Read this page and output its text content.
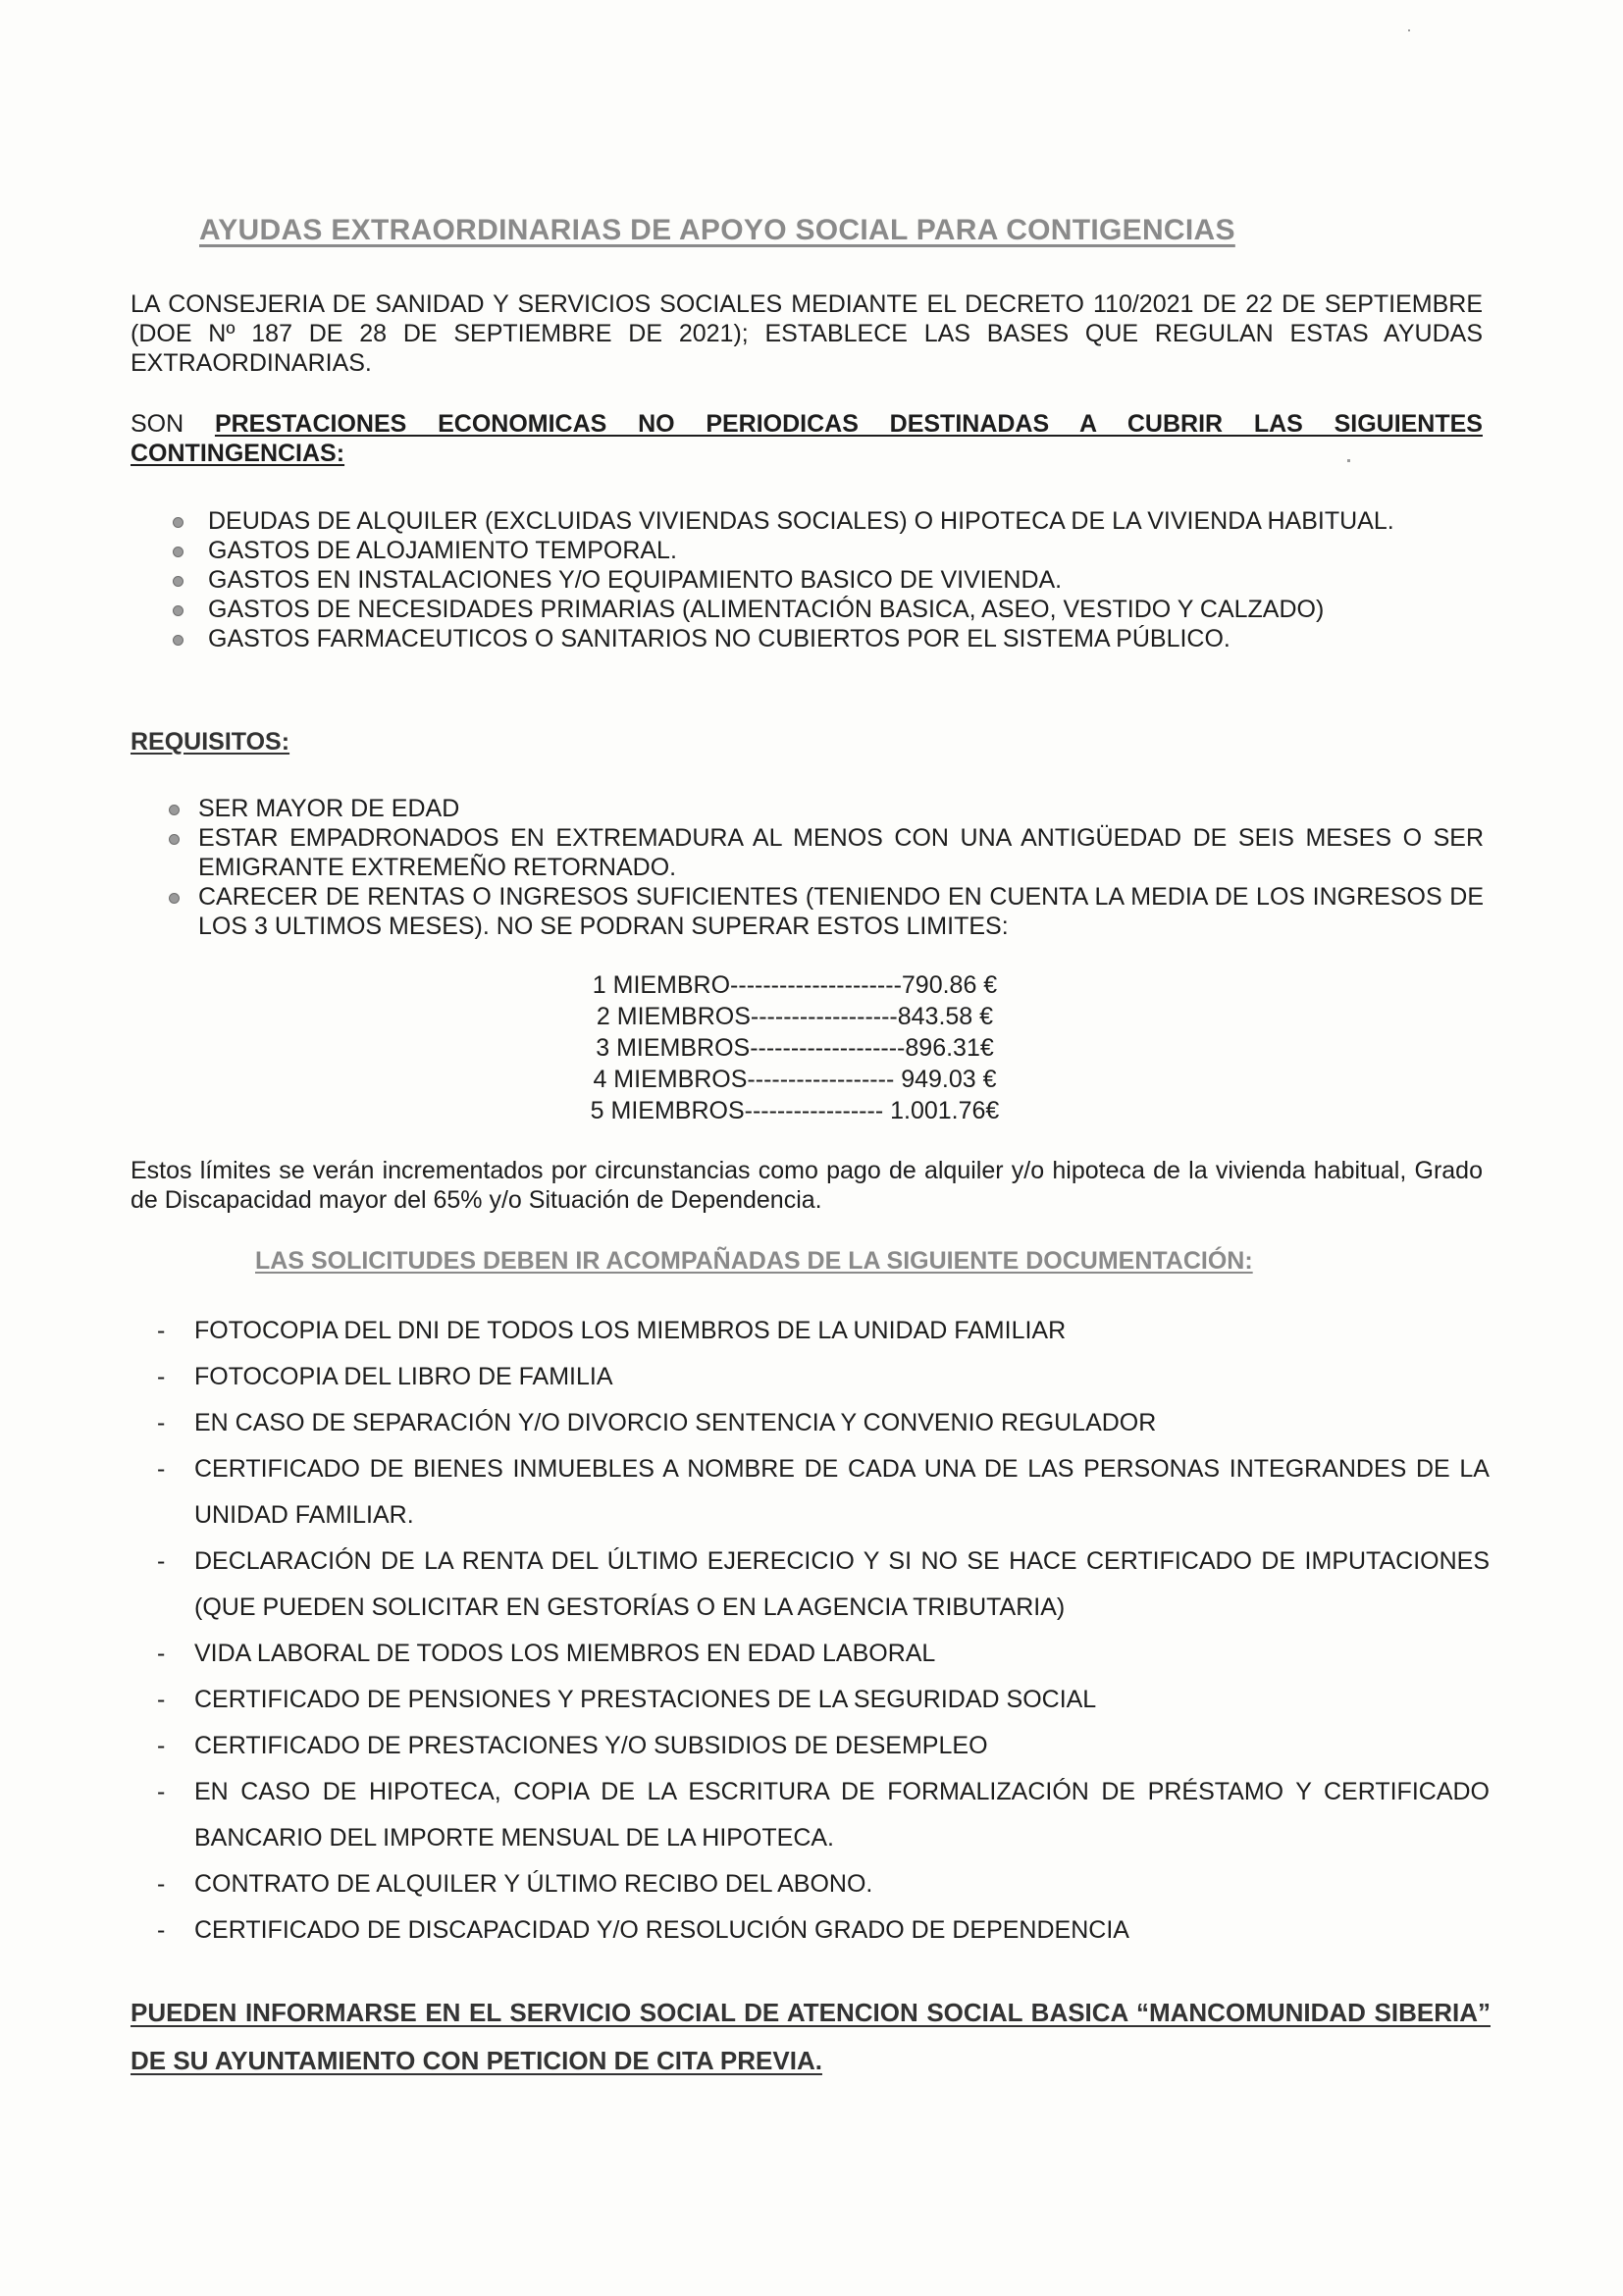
AYUDAS EXTRAORDINARIAS DE APOYO SOCIAL PARA CONTIGENCIAS
LA CONSEJERIA DE SANIDAD Y SERVICIOS SOCIALES MEDIANTE EL DECRETO 110/2021 DE 22 DE SEPTIEMBRE (DOE Nº 187 DE 28 DE SEPTIEMBRE DE 2021); ESTABLECE LAS BASES QUE REGULAN ESTAS AYUDAS EXTRAORDINARIAS.
SON PRESTACIONES ECONOMICAS NO PERIODICAS DESTINADAS A CUBRIR LAS SIGUIENTES CONTINGENCIAS:
DEUDAS DE ALQUILER (EXCLUIDAS VIVIENDAS SOCIALES) O HIPOTECA DE LA VIVIENDA HABITUAL.
GASTOS DE ALOJAMIENTO TEMPORAL.
GASTOS EN INSTALACIONES Y/O EQUIPAMIENTO BASICO DE VIVIENDA.
GASTOS DE NECESIDADES PRIMARIAS (ALIMENTACIÓN BASICA, ASEO, VESTIDO Y CALZADO)
GASTOS FARMACEUTICOS O SANITARIOS NO CUBIERTOS POR EL SISTEMA PÚBLICO.
REQUISITOS:
SER MAYOR DE EDAD
ESTAR EMPADRONADOS EN EXTREMADURA AL MENOS CON UNA ANTIGÜEDAD DE SEIS MESES O SER EMIGRANTE EXTREMEÑO RETORNADO.
CARECER DE RENTAS O INGRESOS SUFICIENTES (TENIENDO EN CUENTA LA MEDIA DE LOS INGRESOS DE LOS 3 ULTIMOS MESES). NO SE PODRAN SUPERAR ESTOS LIMITES:
1 MIEMBRO---------------------790.86 €
2 MIEMBROS------------------843.58 €
3 MIEMBROS-------------------896.31€
4 MIEMBROS------------------ 949.03 €
5 MIEMBROS----------------- 1.001.76€
Estos límites se verán incrementados por circunstancias como pago de alquiler y/o hipoteca de la vivienda habitual, Grado de Discapacidad mayor del 65% y/o Situación de Dependencia.
LAS SOLICITUDES DEBEN IR ACOMPAÑADAS DE LA SIGUIENTE DOCUMENTACIÓN:
- FOTOCOPIA DEL DNI DE TODOS LOS MIEMBROS DE LA UNIDAD FAMILIAR
- FOTOCOPIA DEL LIBRO DE FAMILIA
- EN CASO DE SEPARACIÓN Y/O DIVORCIO SENTENCIA Y CONVENIO REGULADOR
- CERTIFICADO DE BIENES INMUEBLES A NOMBRE DE CADA UNA DE LAS PERSONAS INTEGRANDES DE LA UNIDAD FAMILIAR.
- DECLARACIÓN DE LA RENTA DEL ÚLTIMO EJERECICIO Y SI NO SE HACE CERTIFICADO DE IMPUTACIONES (QUE PUEDEN SOLICITAR EN GESTORÍAS O EN LA AGENCIA TRIBUTARIA)
- VIDA LABORAL DE TODOS LOS MIEMBROS EN EDAD LABORAL
- CERTIFICADO DE PENSIONES Y PRESTACIONES DE LA SEGURIDAD SOCIAL
- CERTIFICADO DE PRESTACIONES Y/O SUBSIDIOS DE DESEMPLEO
- EN CASO DE HIPOTECA, COPIA DE LA ESCRITURA DE FORMALIZACIÓN DE PRÉSTAMO Y CERTIFICADO BANCARIO DEL IMPORTE MENSUAL DE LA HIPOTECA.
- CONTRATO DE ALQUILER Y ÚLTIMO RECIBO DEL ABONO.
- CERTIFICADO DE DISCAPACIDAD Y/O RESOLUCIÓN GRADO DE DEPENDENCIA
PUEDEN INFORMARSE EN EL SERVICIO SOCIAL DE ATENCION SOCIAL BASICA “MANCOMUNIDAD SIBERIA” DE SU AYUNTAMIENTO CON PETICION DE CITA PREVIA.
